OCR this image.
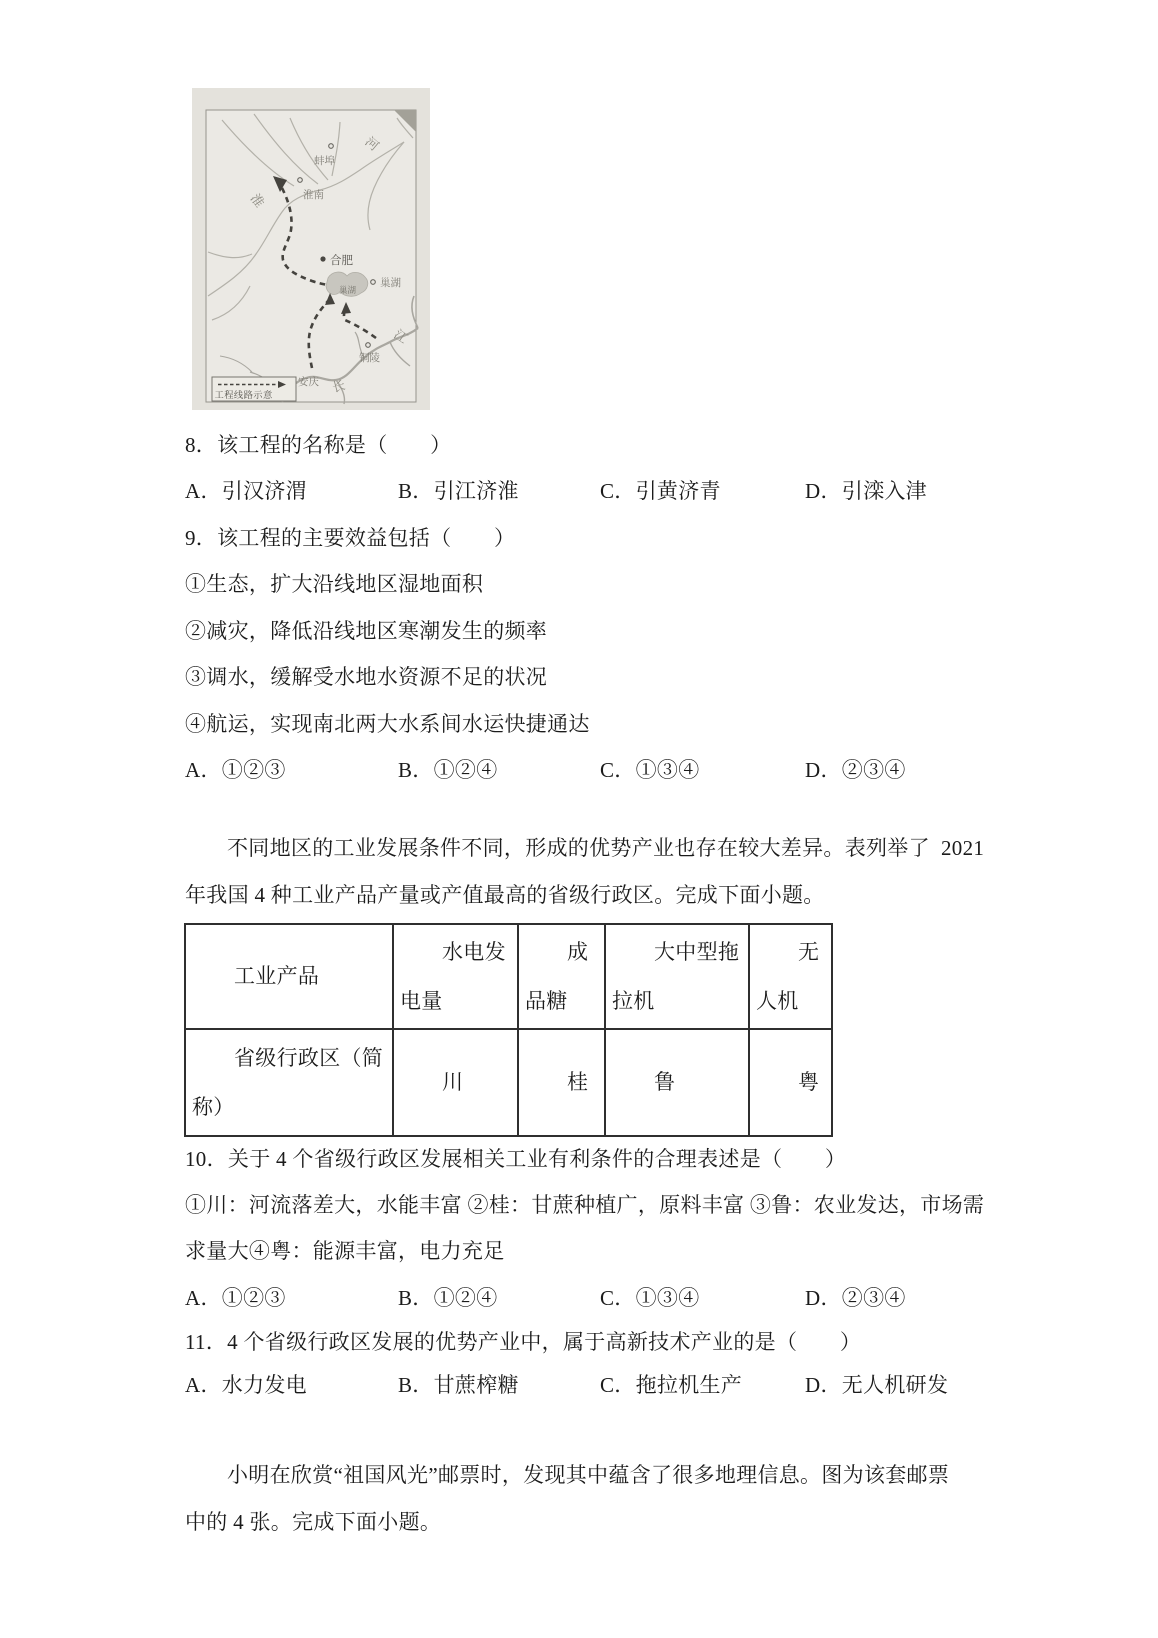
蚌埠
淮南
合肥
巢湖
巢湖
铜陵
安庆
河
淮
江
长
工程线路示意
8．该工程的名称是（　　）
A．引汉济渭	B．引江济淮	C．引黄济青	D．引滦入津
9．该工程的主要效益包括（　　）
①生态，扩大沿线地区湿地面积
②减灾，降低沿线地区寒潮发生的频率
③调水，缓解受水地水资源不足的状况
④航运，实现南北两大水系间水运快捷通达
A．①②③	B．①②④	C．①③④	D．②③④
不同地区的工业发展条件不同，形成的优势产业也存在较大差异。表列举了  2021
年我国 4 种工业产品产量或产值最高的省级行政区。完成下面小题。
工业产品	水电发电量	成品糖	大中型拖拉机	无人机
省级行政区（简称）	川	桂	鲁	粤
10．关于 4 个省级行政区发展相关工业有利条件的合理表述是（　　）
①川：河流落差大，水能丰富 ②桂：甘蔗种植广，原料丰富 ③鲁：农业发达，市场需
求量大④粤：能源丰富，电力充足
A．①②③	B．①②④	C．①③④	D．②③④
11．4 个省级行政区发展的优势产业中，属于高新技术产业的是（　　）
A．水力发电	B．甘蔗榨糖	C．拖拉机生产	D．无人机研发
小明在欣赏“祖国风光”邮票时，发现其中蕴含了很多地理信息。图为该套邮票
中的 4 张。完成下面小题。
